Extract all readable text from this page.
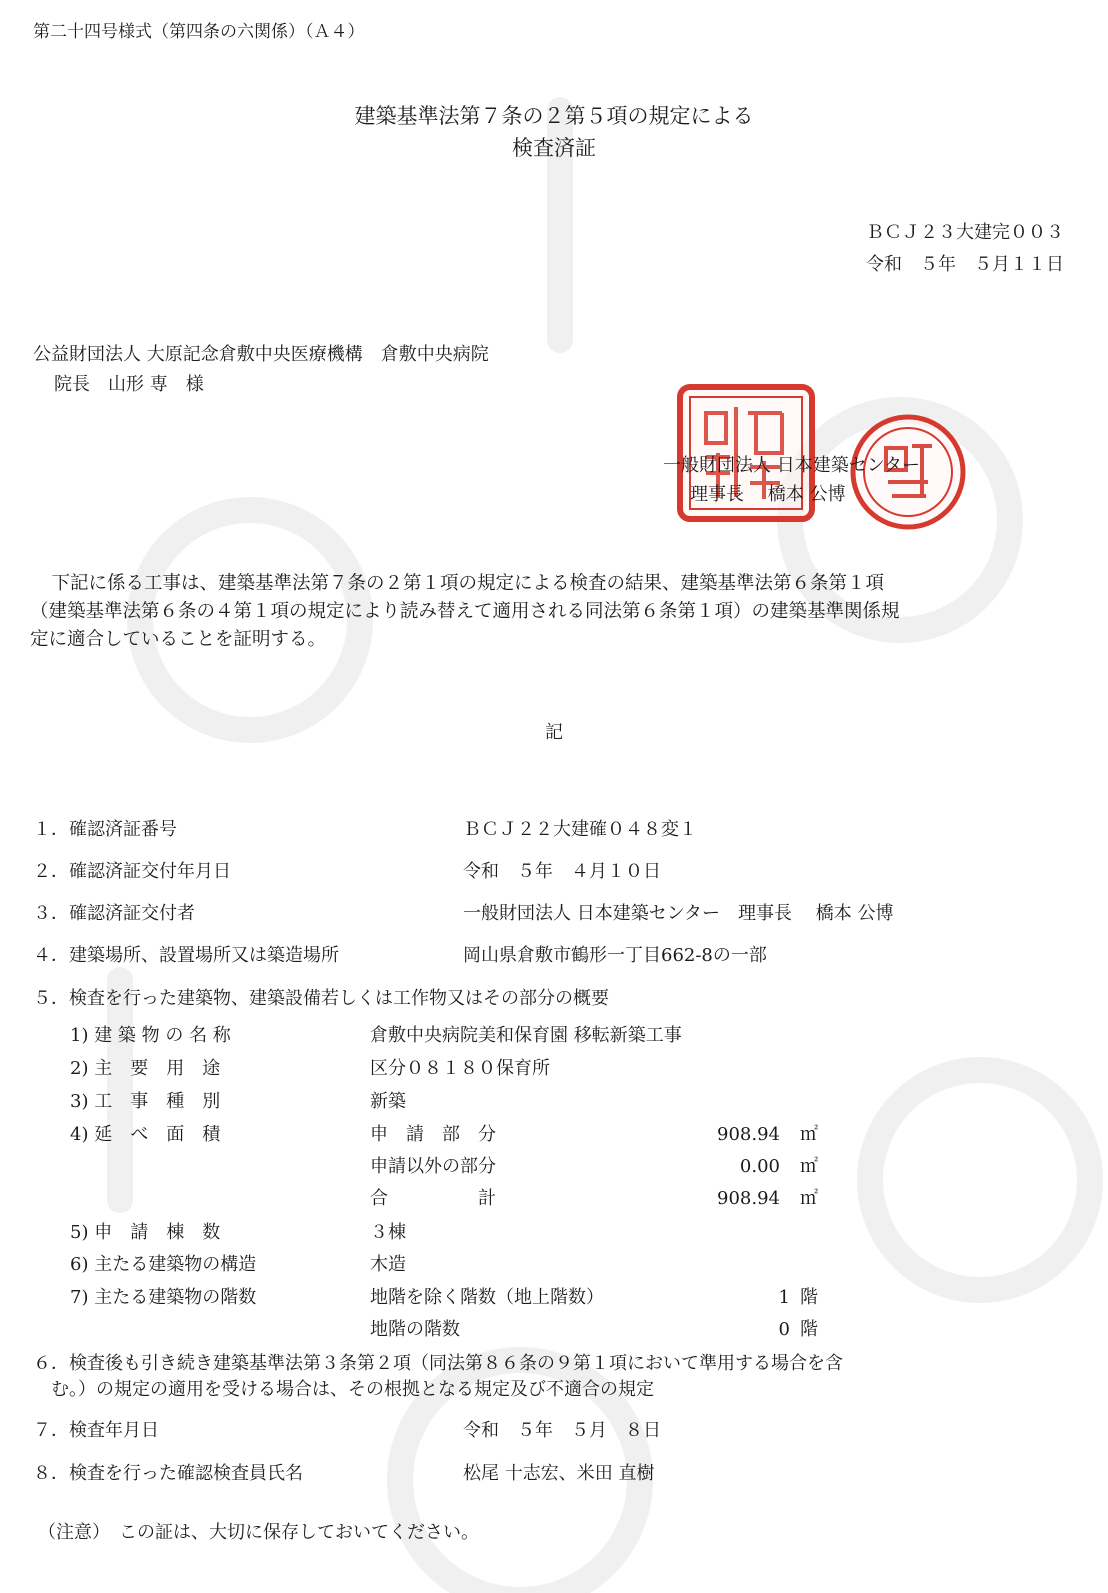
第二十四号様式（第四条の六関係）（Ａ４）
建築基準法第７条の２第５項の規定による
検査済証
ＢＣＪ２３大建完００３
令和　５年　５月１１日
公益財団法人 大原記念倉敷中央医療機構　倉敷中央病院
院長　山形 専　様
一般財団法人 日本建築センター
理事長　 橋本 公博
　下記に係る工事は、建築基準法第７条の２第１項の規定による検査の結果、建築基準法第６条第１項
（建築基準法第６条の４第１項の規定により読み替えて適用される同法第６条第１項）の建築基準関係規
定に適合していることを証明する。
記
１．確認済証番号	ＢＣＪ２２大建確０４８変１
２．確認済証交付年月日	令和　５年　４月１０日
３．確認済証交付者	一般財団法人 日本建築センター　理事長　 橋本 公博
４．建築場所、設置場所又は築造場所	岡山県倉敷市鶴形一丁目662-8の一部
５．検査を行った建築物、建築設備若しくは工作物又はその部分の概要
1) 建 築 物 の 名 称	倉敷中央病院美和保育園 移転新築工事
2) 主　要　用　途	区分０８１８０保育所
3) 工　事　種　別	新築
4) 延　べ　面　積	申　請　部　分	908.94 ㎡
申請以外の部分	0.00 ㎡
合　　　　　計	908.94 ㎡
5) 申　請　棟　数	３棟
6) 主たる建築物の構造	木造
7) 主たる建築物の階数	地階を除く階数（地上階数）	1 階
地階の階数	0 階
６．検査後も引き続き建築基準法第３条第２項（同法第８６条の９第１項において準用する場合を含
　む。）の規定の適用を受ける場合は、その根拠となる規定及び不適合の規定
７．検査年月日	令和　５年　５月　８日
８．検査を行った確認検査員氏名	松尾 十志宏、米田 直樹
（注意）　この証は、大切に保存しておいてください。
